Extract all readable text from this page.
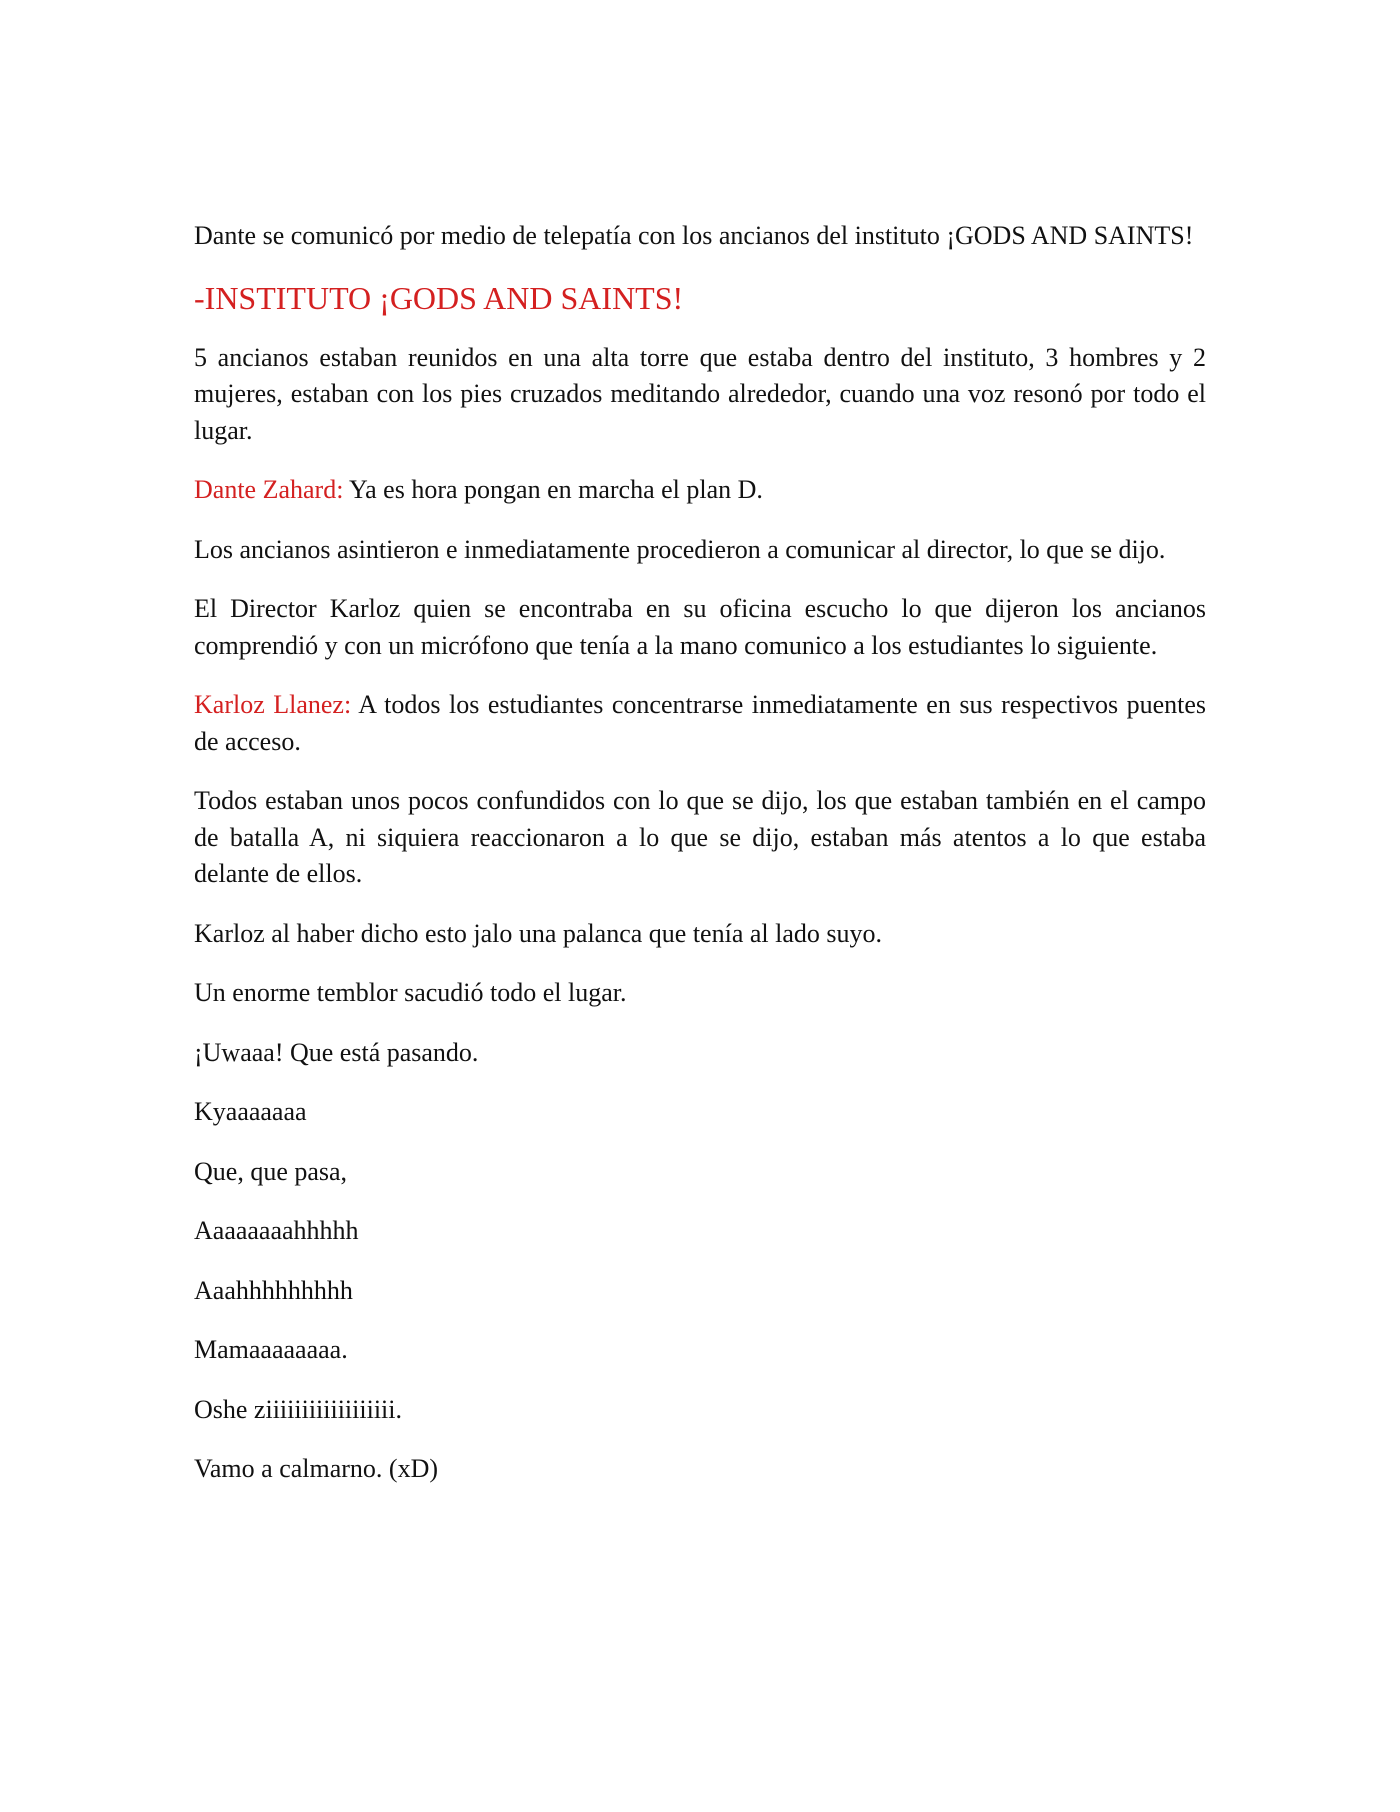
Dante se comunicó por medio de telepatía con los ancianos del instituto ¡GODS AND SAINTS!

-INSTITUTO ¡GODS AND SAINTS!

5 ancianos estaban reunidos en una alta torre que estaba dentro del instituto, 3 hombres y 2 mujeres, estaban con los pies cruzados meditando alrededor, cuando una voz resonó por todo el lugar.

Dante Zahard: Ya es hora pongan en marcha el plan D.

Los ancianos asintieron e inmediatamente procedieron a comunicar al director, lo que se dijo.

El Director Karloz quien se encontraba en su oficina escucho lo que dijeron los ancianos comprendió y con un micrófono que tenía a la mano comunico a los estudiantes lo siguiente.

Karloz Llanez: A todos los estudiantes concentrarse inmediatamente en sus respectivos puentes de acceso.

Todos estaban unos pocos confundidos con lo que se dijo, los que estaban también en el campo de batalla A, ni siquiera reaccionaron a lo que se dijo, estaban más atentos a lo que estaba delante de ellos.

Karloz al haber dicho esto jalo una palanca que tenía al lado suyo.

Un enorme temblor sacudió todo el lugar.

¡Uwaaa! Que está pasando.

Kyaaaaaaa

Que, que pasa,

Aaaaaaaahhhhh

Aaahhhhhhhhh

Mamaaaaaaaa.

Oshe ziiiiiiiiiiiiiiiiii.

Vamo a calmarno. (xD)
